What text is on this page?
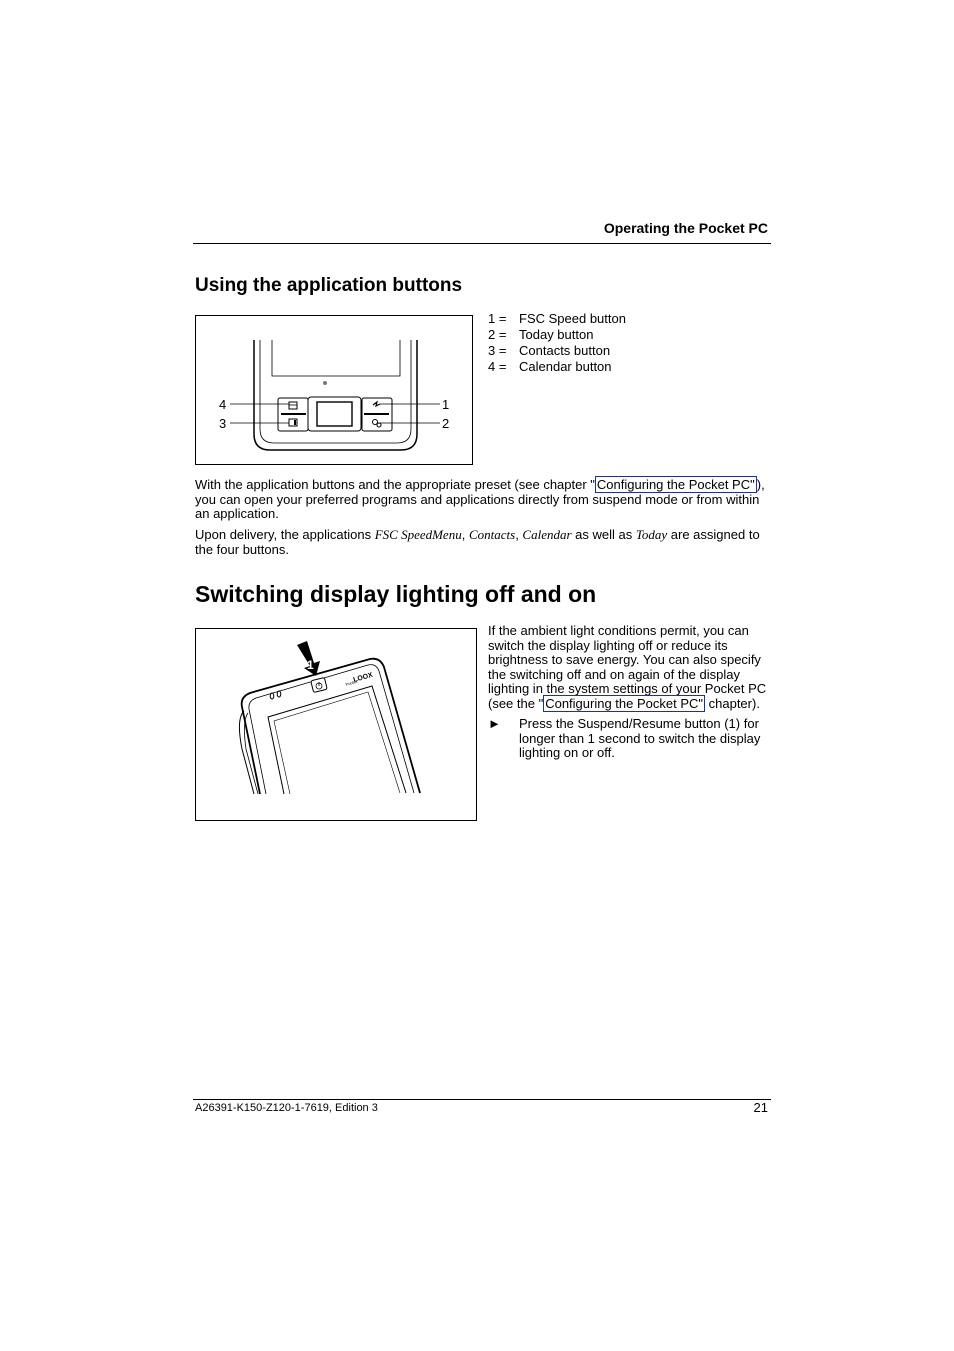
Operating the Pocket PC
Using the application buttons
4
3
1
2
1 = FSC Speed button
2 = Today button
3 = Contacts button
4 = Calendar button

With the application buttons and the appropriate preset (see chapter " Configuring the Pocket PC" ), you can open your preferred programs and applications directly from suspend mode or from within an application.

Upon delivery, the applications FSC SpeedMenu, Contacts, Calendar as well as Today are assigned to the four buttons.

Switching display lighting off and on
Pocket
LOOX
1

If the ambient light conditions permit, you can switch the display lighting off or reduce its brightness to save energy. You can also specify the switching off and on again of the display lighting in the system settings of your Pocket PC (see the " Configuring the Pocket PC" chapter).

►	Press the Suspend/Resume button (1) for longer than 1 second to switch the display lighting on or off.
A26391-K150-Z120-1-7619, Edition 3	21
